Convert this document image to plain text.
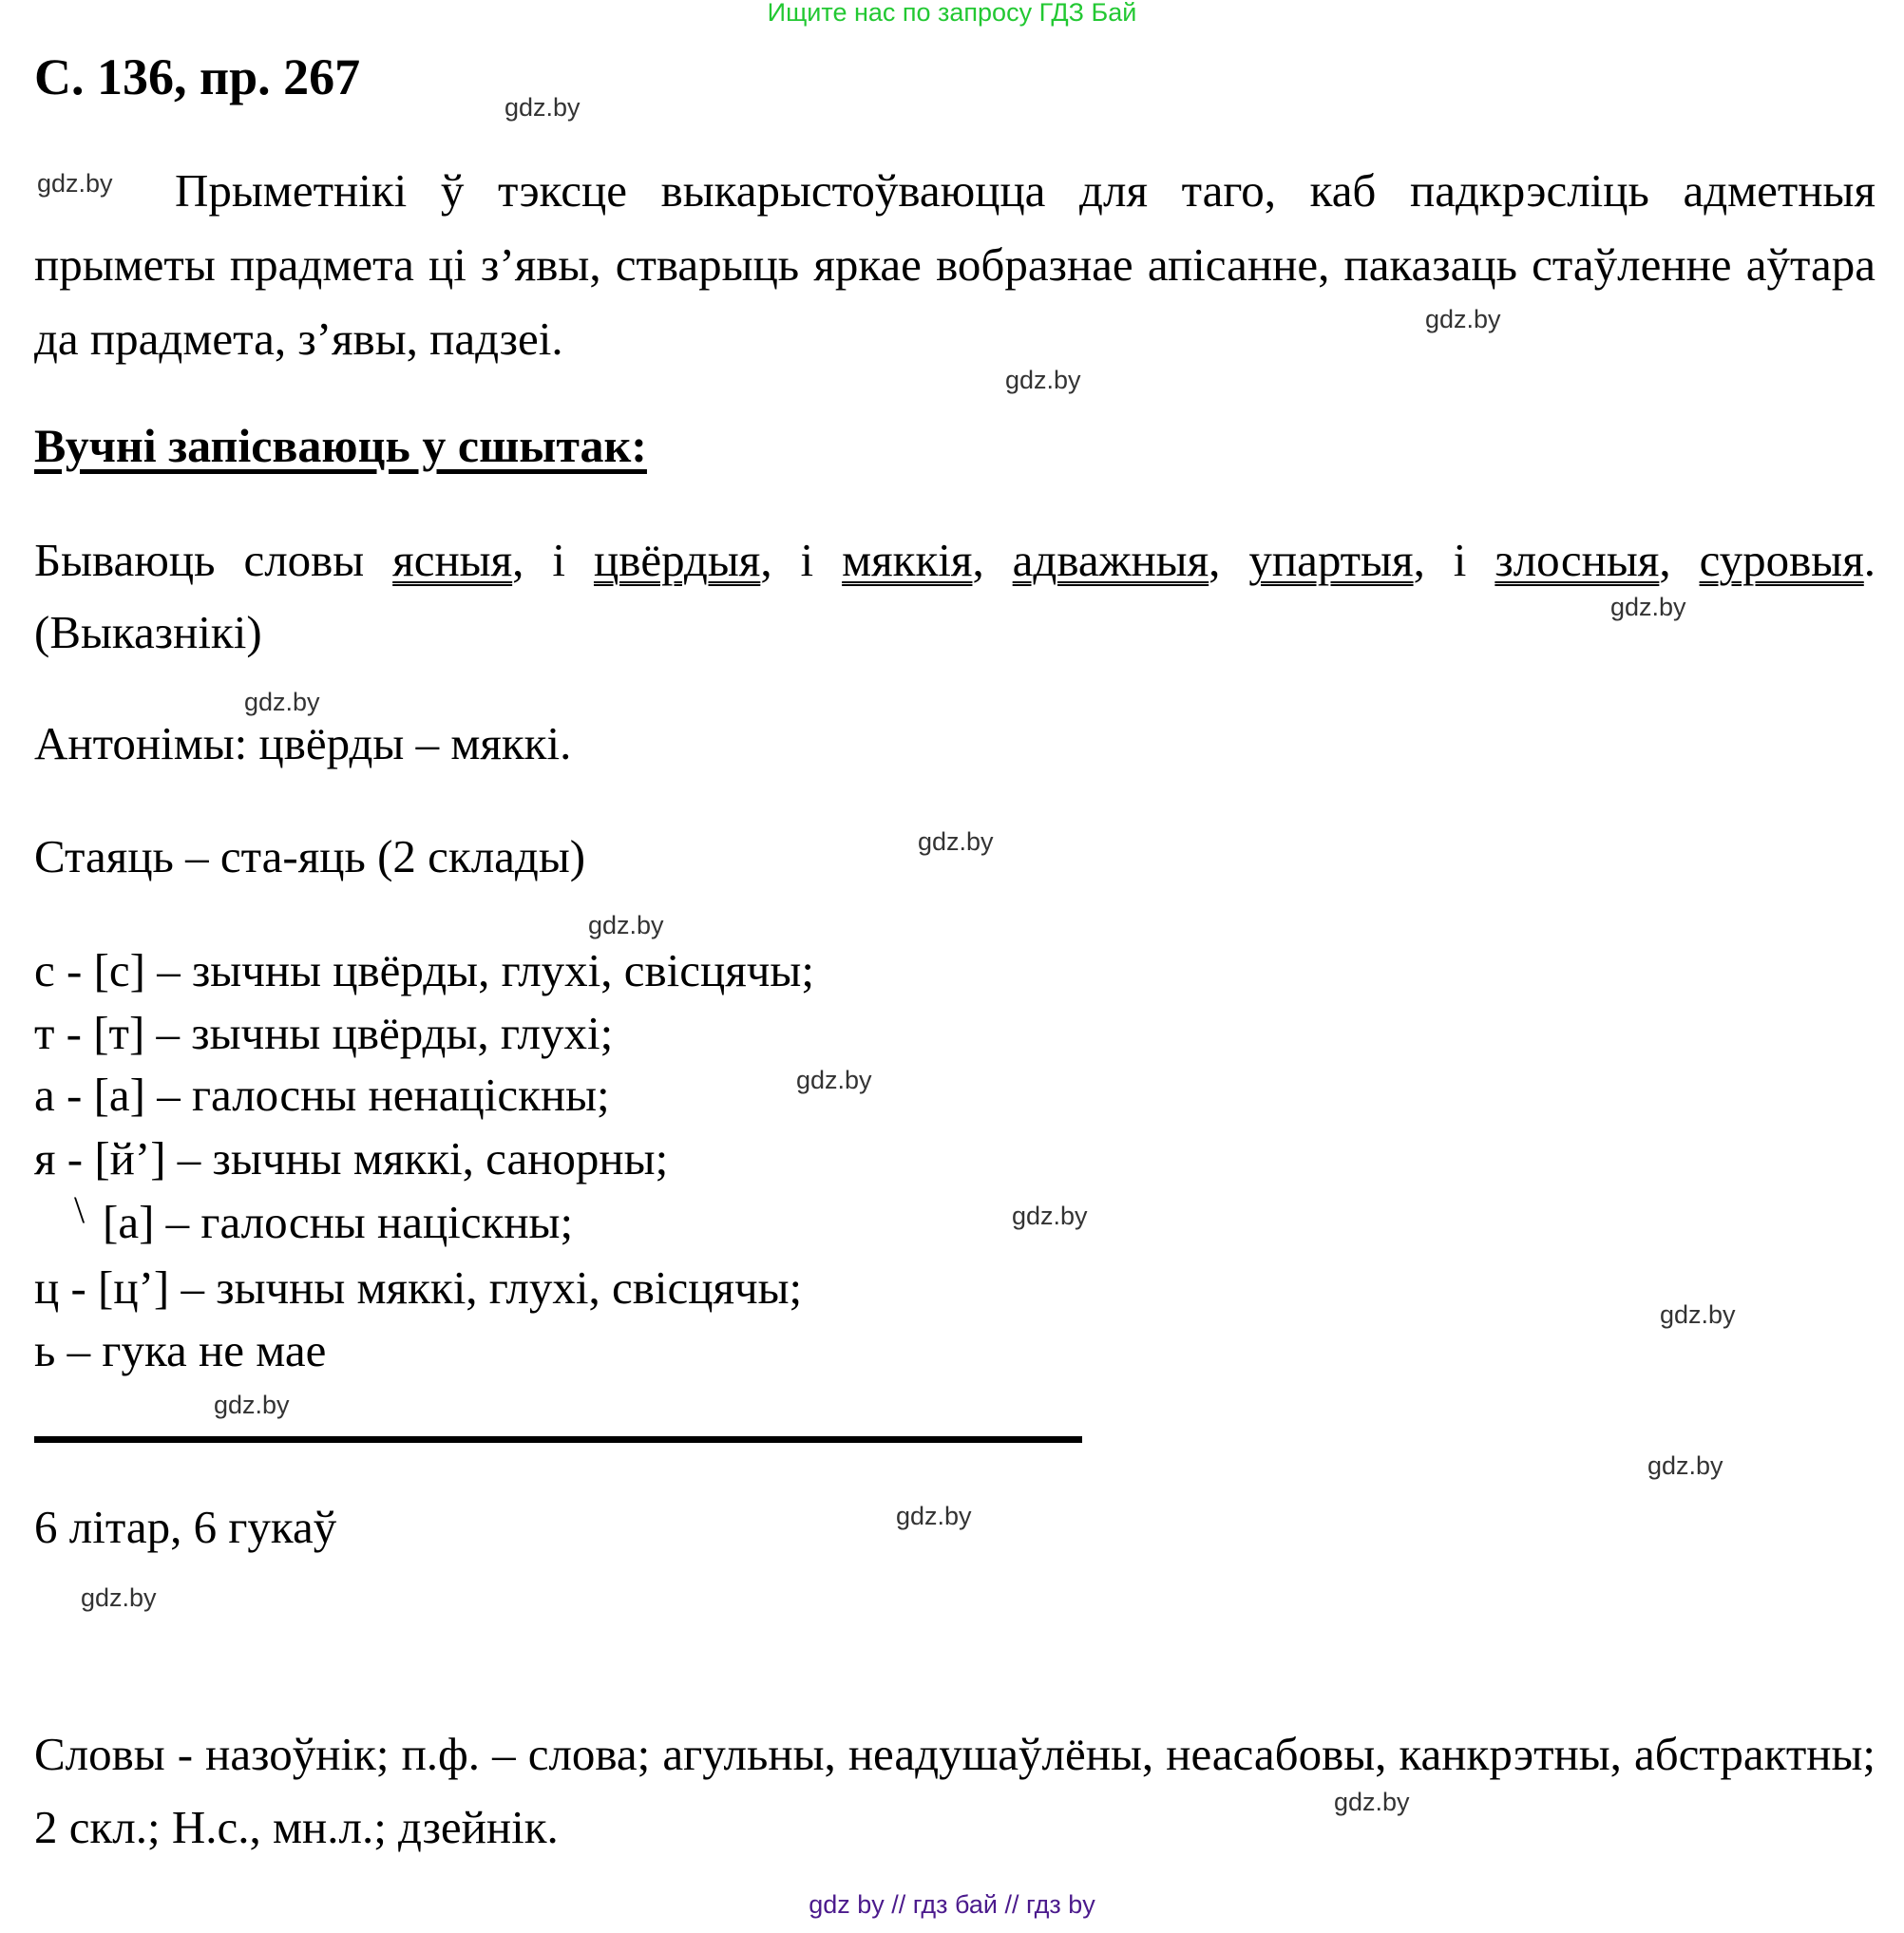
Ищите нас по запросу ГДЗ Бай
С. 136, пр. 267
Прыметнікі ў тэксце выкарыстоўваюцца для таго, каб падкрэсліць адметныя прыметы прадмета ці з’явы, стварыць яркае вобразнае апісанне, паказаць стаўленне аўтара да прадмета, з’явы, падзеі.
Вучні запісваюць у сшытак:
Бываюць словы ясныя, і цвёрдыя, і мяккія, адважныя, упартыя, і злосныя, суровыя.(Выказнікі)
Антонімы: цвёрды – мяккі.
Стаяць – ста-яць (2 склады)
с - [с] – зычны цвёрды, глухі, свісцячы;
т - [т] – зычны цвёрды, глухі;
а - [а] – галосны ненаціскны;
я - [й’] – зычны мяккі, санорны;
\ [а] – галосны націскны;
ц - [ц’] – зычны мяккі, глухі, свісцячы;
ь – гука не мае
6 літар, 6 гукаў
Словы - назоўнік; п.ф. – слова; агульны, неадушаўлёны, неасабовы, канкрэтны, абстрактны; 2 скл.; Н.с., мн.л.; дзейнік.
gdz.by
gdz.by
gdz.by
gdz.by
gdz.by
gdz.by
gdz.by
gdz.by
gdz.by
gdz.by
gdz.by
gdz.by
gdz.by
gdz.by
gdz.by
gdz.by
gdz by // гдз бай // гдз by
